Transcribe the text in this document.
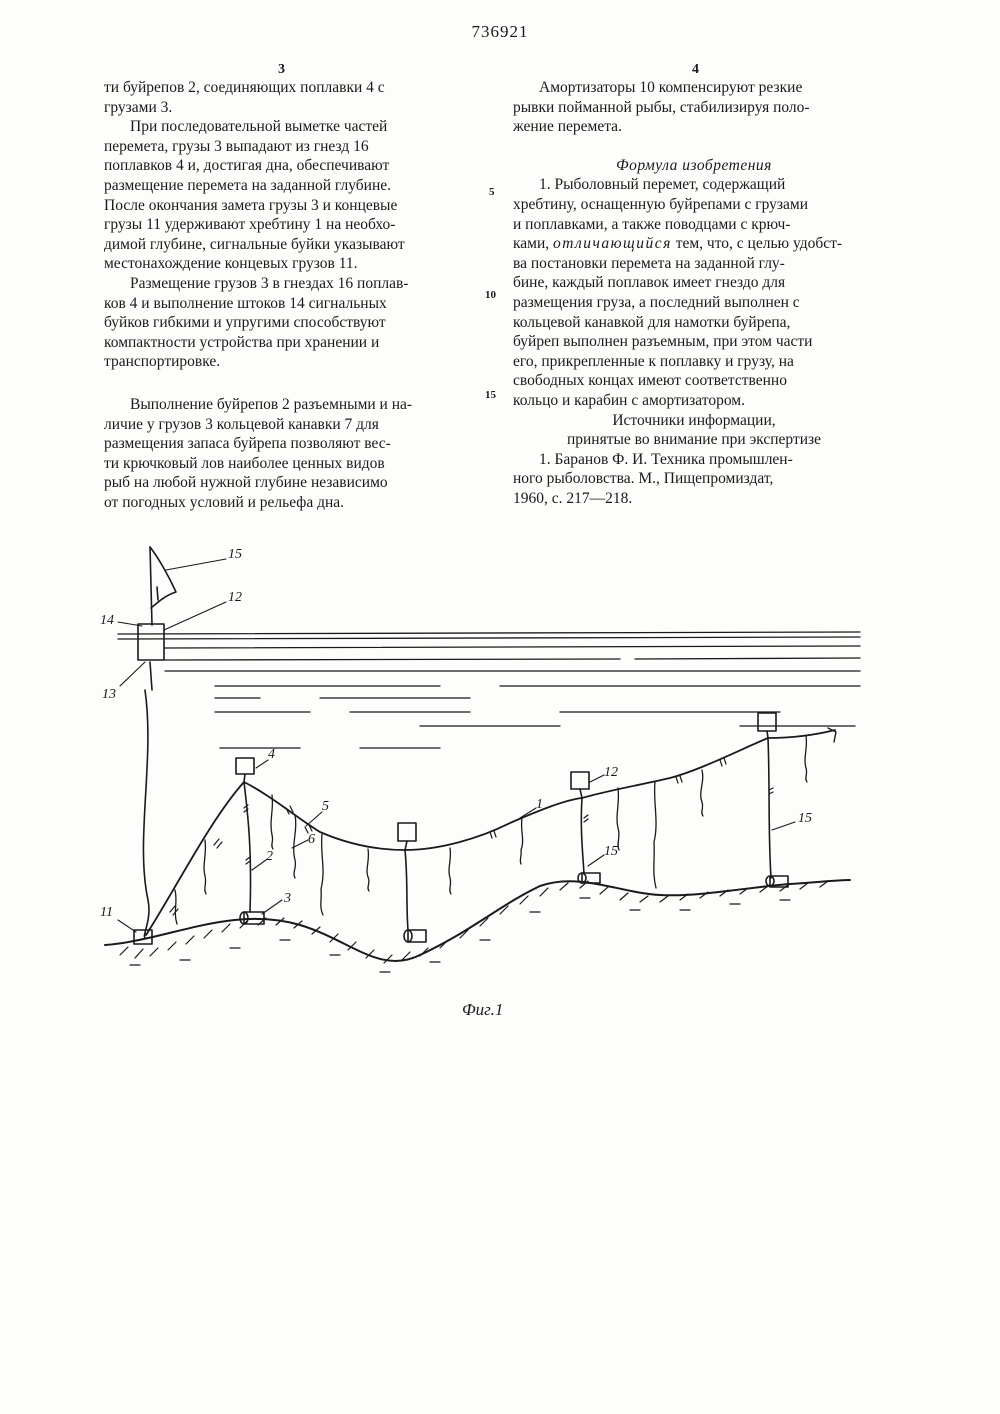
736921
3	4

ти буйрепов 2, соединяющих поплавки 4 с
грузами 3.

При последовательной выметке частей
перемета, грузы 3 выпадают из гнезд 16
поплавков 4 и, достигая дна, обеспечивают
размещение перемета на заданной глубине.
После окончания замета грузы 3 и концевые
грузы 11 удерживают хребтину 1 на необхо-
димой глубине, сигнальные буйки указывают
местонахождение концевых грузов 11.

Размещение грузов 3 в гнездах 16 поплав-
ков 4 и выполнение штоков 14 сигнальных
буйков гибкими и упругими способствуют
компактности устройства при хранении и
транспортировке.

Выполнение буйрепов 2 разъемными и на-
личие у грузов 3 кольцевой канавки 7 для
размещения запаса буйрепа позволяют вес-
ти крючковый лов наиболее ценных видов
рыб на любой нужной глубине независимо
от погодных условий и рельефа дна.

5
10
15

Амортизаторы 10 компенсируют резкие
рывки пойманной рыбы, стабилизируя поло-
жение перемета.

Формула изобретения

1. Рыболовный перемет, содержащий
хребтину, оснащенную буйрепами с грузами
и поплавками, а также поводцами с крюч-
ками, отличающийся тем, что, с целью удобст-
ва постановки перемета на заданной глу-
бине, каждый поплавок имеет гнездо для
размещения груза, а последний выполнен с
кольцевой канавкой для намотки буйрепа,
буйреп выполнен разъемным, при этом части
его, прикрепленные к поплавку и грузу, на
свободных концах имеют соответственно
кольцо и карабин с амортизатором.

Источники информации,

принятые во внимание при экспертизе

1. Баранов Ф. И. Техника промышлен-
ного рыболовства. М., Пищепромиздат,
1960, с. 217—218.

15
12
14
13
4
5
6
2
3
11
1
12
15
15
Фиг.1
